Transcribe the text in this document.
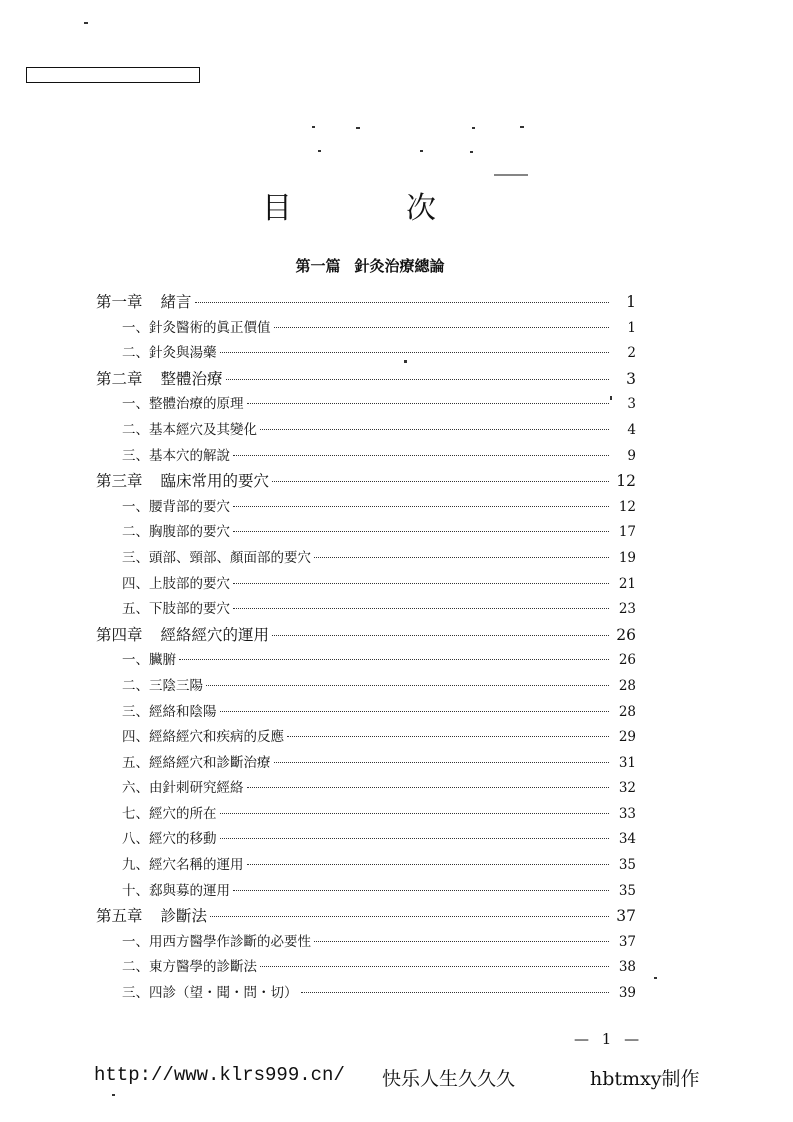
目　次
第一篇 針灸治療總論
第一章 緒言	1
一、針灸醫術的眞正價值	1
二、針灸與湯藥	2
第二章 整體治療	3
一、整體治療的原理	3
二、基本經穴及其變化	4
三、基本穴的解說	9
第三章 臨床常用的要穴	12
一、腰背部的要穴	12
二、胸腹部的要穴	17
三、頭部、頸部、顏面部的要穴	19
四、上肢部的要穴	21
五、下肢部的要穴	23
第四章 經絡經穴的運用	26
一、臟腑	26
二、三陰三陽	28
三、經絡和陰陽	28
四、經絡經穴和疾病的反應	29
五、經絡經穴和診斷治療	31
六、由針刺研究經絡	32
七、經穴的所在	33
八、經穴的移動	34
九、經穴名稱的運用	35
十、郄與募的運用	35
第五章 診斷法	37
一、用西方醫學作診斷的必要性	37
二、東方醫學的診斷法	38
三、四診（望・聞・問・切）	39
— 1 —
http://www.klrs999.cn/ 快乐人生久久久	hbtmxy制作
